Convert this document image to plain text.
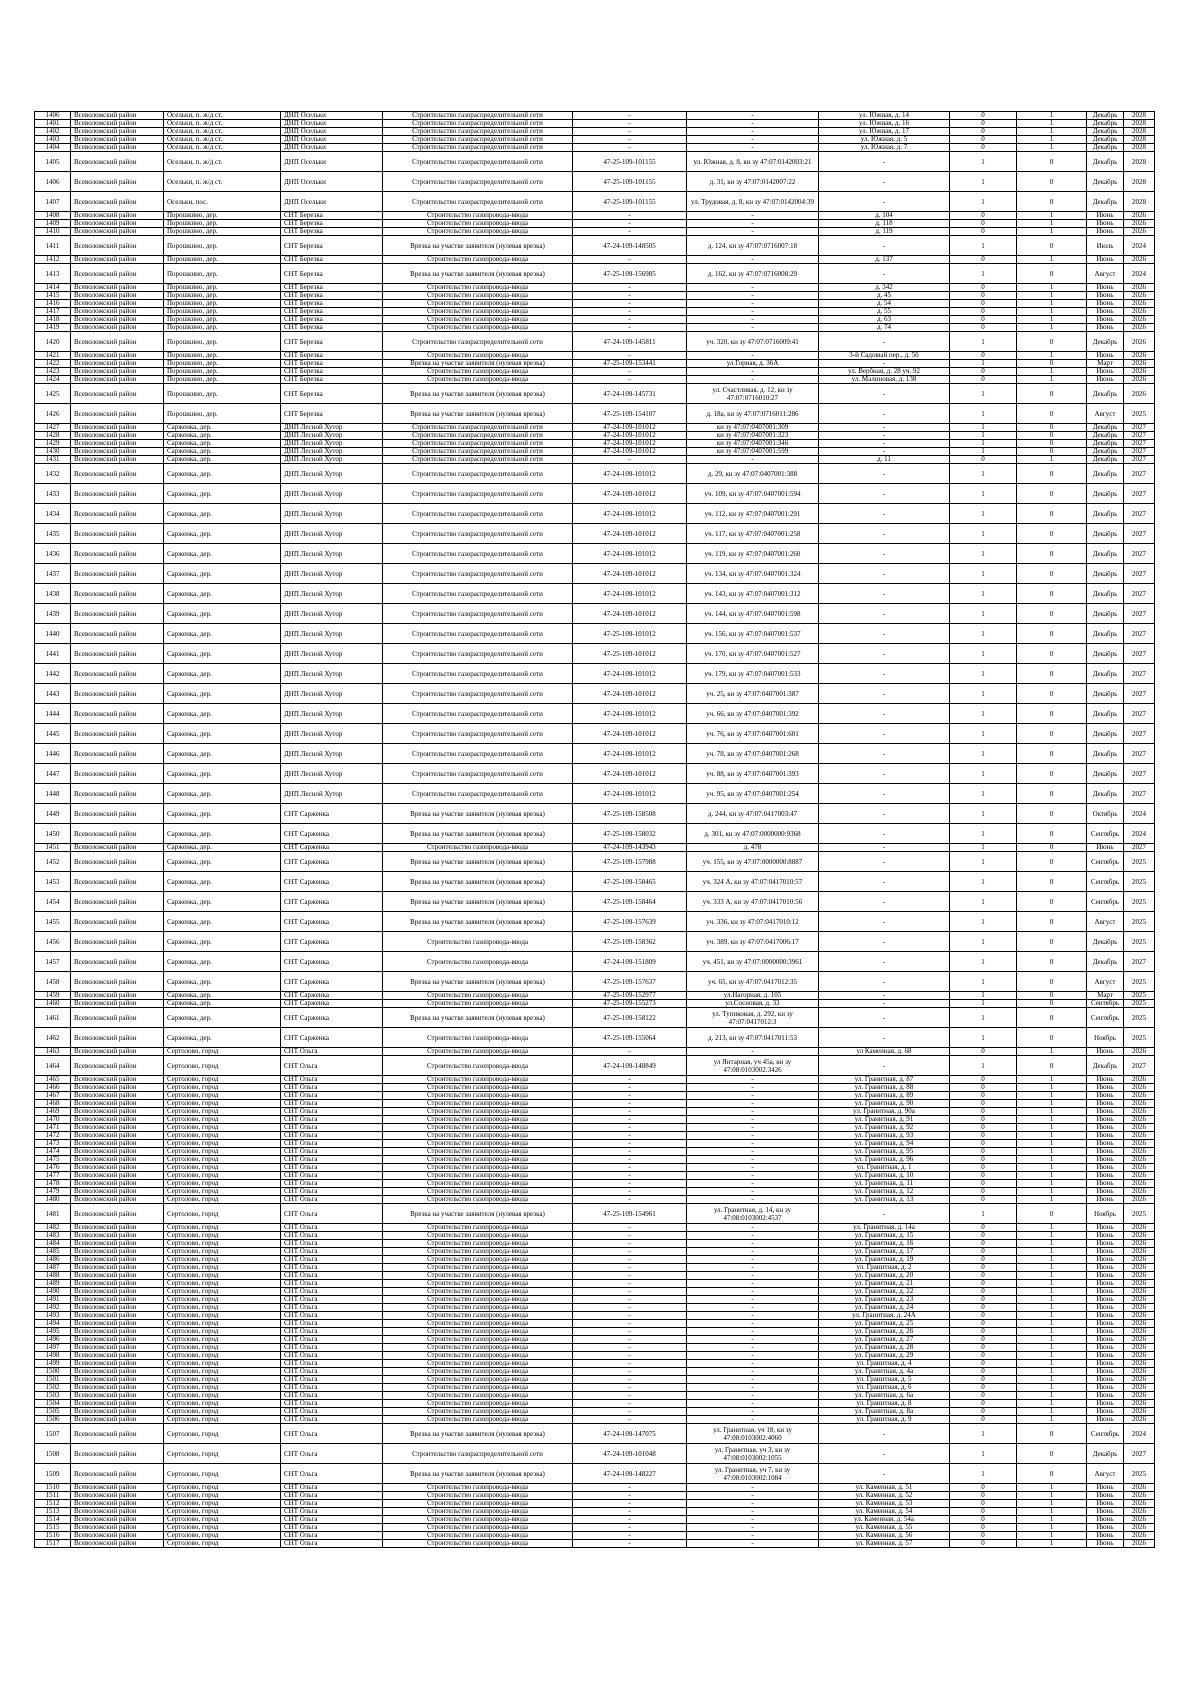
1406	Всеволожский район	Осельки, п. ж/д ст.	ДНП Осельки	Строительство газораспределительной сети	-	-	ул. Южная, д. 14	0	1	Декабрь	2028
1401	Всеволожский район	Осельки, п. ж/д ст.	ДНП Осельки	Строительство газораспределительной сети	-	-	ул. Южная, д. 16	0	1	Декабрь	2028
1402	Всеволожский район	Осельки, п. ж/д ст.	ДНП Осельки	Строительство газораспределительной сети	-	-	ул. Южная, д. 17	0	1	Декабрь	2028
1403	Всеволожский район	Осельки, п. ж/д ст.	ДНП Осельки	Строительство газораспределительной сети	-	-	ул. Южная, д. 5	0	1	Декабрь	2028
1404	Всеволожский район	Осельки, п. ж/д ст.	ДНП Осельки	Строительство газораспределительной сети	-	-	ул. Южная, д. 7	0	1	Декабрь	2028
1405	Всеволожский район	Осельки, п. ж/д ст.	ДНП Осельки	Строительство газораспределительной сети	47-25-109-101155	ул. Южная, д. 8, кн зу 47:07:0142003:21	-	1	0	Декабрь	2028
1406	Всеволожский район	Осельки, п. ж/д ст.	ДНП Осельки	Строительство газораспределительной сети	47-25-109-101155	д. 31, кн зу 47:07:0142007:22	-	1	0	Декабрь	2028
1407	Всеволожский район	Осельки, пос.	ДНП Осельки	Строительство газораспределительной сети	47-25-109-101155	ул. Трудовая, д. 8, кн зу 47:07:0142004:39	-	1	0	Декабрь	2028
1408	Всеволожский район	Порошкино, дер.	СНТ Березка	Строительство газопровода-ввода	-	-	д. 104	0	1	Июнь	2026
1409	Всеволожский район	Порошкино, дер.	СНТ Березка	Строительство газопровода-ввода	-	-	д. 118	0	1	Июнь	2026
1410	Всеволожский район	Порошкино, дер.	СНТ Березка	Строительство газопровода-ввода	-	-	д. 119	0	1	Июнь	2026
1411	Всеволожский район	Порошкино, дер.	СНТ Березка	Врезка на участке заявителя (нулевая врезка)	47-24-109-148505	д. 124, кн зу 47:07:0716007:18	-	1	0	Июль	2024
1412	Всеволожский район	Порошкино, дер.	СНТ Березка	Строительство газопровода-ввода	-	-	д. 137	0	1	Июнь	2026
1413	Всеволожский район	Порошкино, дер.	СНТ Березка	Врезка на участке заявителя (нулевая врезка)	47-25-109-156985	д. 162, кн зу 47:07:0716008:29	-	1	0	Август	2024
1414	Всеволожский район	Порошкино, дер.	СНТ Березка	Строительство газопровода-ввода	-	-	д. 342	0	1	Июнь	2026
1415	Всеволожский район	Порошкино, дер.	СНТ Березка	Строительство газопровода-ввода	-	-	д. 45	0	1	Июнь	2026
1416	Всеволожский район	Порошкино, дер.	СНТ Березка	Строительство газопровода-ввода	-	-	д. 54	0	1	Июнь	2026
1417	Всеволожский район	Порошкино, дер.	СНТ Березка	Строительство газопровода-ввода	-	-	д. 55	0	1	Июнь	2026
1418	Всеволожский район	Порошкино, дер.	СНТ Березка	Строительство газопровода-ввода	-	-	д. 63	0	1	Июнь	2026
1419	Всеволожский район	Порошкино, дер.	СНТ Березка	Строительство газопровода-ввода	-	-	д. 74	0	1	Июнь	2026
1420	Всеволожский район	Порошкино, дер.	СНТ Березка	Строительство газораспределительной сети	47-24-109-145811	уч. 320, кн зу 47:07:0716009:41	-	1	0	Декабрь	2026
1421	Всеволожский район	Порошкино, дер.	СНТ Березка	Строительство газопровода-ввода	-	-	3-й Садовый пер., д. 5б	0	1	Июнь	2026
1422	Всеволожский район	Порошкино, дер.	СНТ Березка	Врезка на участке заявителя (нулевая врезка)	47-25-109-153441	ул Горная, д. 36А	-	1	0	Март	2026
1423	Всеволожский район	Порошкино, дер.	СНТ Березка	Строительство газопровода-ввода	-	-	ул. Вербная, д. 28 уч. 92	0	1	Июнь	2026
1424	Всеволожский район	Порошкино, дер.	СНТ Березка	Строительство газопровода-ввода	-	-	ул. Малиновая, д. 138	0	1	Июнь	2026
1425	Всеволожский район	Порошкино, дер.	СНТ Березка	Врезка на участке заявителя (нулевая врезка)	47-24-109-145731	ул. Счастливая, д. 12, кн зу 47:07:0716010:27	-	1	0	Декабрь	2026
1426	Всеволожский район	Порошкино, дер.	СНТ Березка	Врезка на участке заявителя (нулевая врезка)	47-25-109-154107	д. 18а, кн зу 47:07:0716011:286	-	1	0	Август	2025
1427	Всеволожский район	Сарженка, дер.	ДНП Лесной Хутор	Строительство газораспределительной сети	47-24-109-101012	кн зу 47:07:0407001:309	-	1	0	Декабрь	2027
1428	Всеволожский район	Сарженка, дер.	ДНП Лесной Хутор	Строительство газораспределительной сети	47-24-109-101012	кн зу 47:07:0407001:323	-	1	0	Декабрь	2027
1429	Всеволожский район	Сарженка, дер.	ДНП Лесной Хутор	Строительство газораспределительной сети	47-24-109-101012	кн зу 47:07:0407001:346	-	1	0	Декабрь	2027
1430	Всеволожский район	Сарженка, дер.	ДНП Лесной Хутор	Строительство газораспределительной сети	47-24-109-101012	кн зу 47:07:0407001:599	-	1	0	Декабрь	2027
1431	Всеволожский район	Сарженка, дер.	ДНП Лесной Хутор	Строительство газораспределительной сети	-	-	д. 11	0	1	Декабрь	2027
1432	Всеволожский район	Сарженка, дер.	ДНП Лесной Хутор	Строительство газораспределительной сети	47-24-109-101012	д. 29, кн зу 47:07:0407001:388	-	1	0	Декабрь	2027
1433	Всеволожский район	Сарженка, дер.	ДНП Лесной Хутор	Строительство газораспределительной сети	47-24-109-101012	уч. 109, кн зу 47:07:0407001:594	-	1	0	Декабрь	2027
1434	Всеволожский район	Сарженка, дер.	ДНП Лесной Хутор	Строительство газораспределительной сети	47-24-109-101012	уч. 112, кн зу 47:07:0407001:291	-	1	0	Декабрь	2027
1435	Всеволожский район	Сарженка, дер.	ДНП Лесной Хутор	Строительство газораспределительной сети	47-24-109-101012	уч. 117, кн зу 47:07:0407001:258	-	1	0	Декабрь	2027
1436	Всеволожский район	Сарженка, дер.	ДНП Лесной Хутор	Строительство газораспределительной сети	47-24-109-101012	уч. 119, кн зу 47:07:0407001:260	-	1	0	Декабрь	2027
1437	Всеволожский район	Сарженка, дер.	ДНП Лесной Хутор	Строительство газораспределительной сети	47-24-109-101012	уч. 134, кн зу 47:07:0407001:324	-	1	0	Декабрь	2027
1438	Всеволожский район	Сарженка, дер.	ДНП Лесной Хутор	Строительство газораспределительной сети	47-24-109-101012	уч. 143, кн зу 47:07:0407001:312	-	1	0	Декабрь	2027
1439	Всеволожский район	Сарженка, дер.	ДНП Лесной Хутор	Строительство газораспределительной сети	47-24-109-101012	уч. 144, кн зу 47:07:0407001:598	-	1	0	Декабрь	2027
1440	Всеволожский район	Сарженка, дер.	ДНП Лесной Хутор	Строительство газораспределительной сети	47-25-109-101012	уч. 156, кн зу 47:07:0407001:537	-	1	0	Декабрь	2027
1441	Всеволожский район	Сарженка, дер.	ДНП Лесной Хутор	Строительство газораспределительной сети	47-25-109-101012	уч. 170, кн зу 47:07:0407001:527	-	1	0	Декабрь	2027
1442	Всеволожский район	Сарженка, дер.	ДНП Лесной Хутор	Строительство газораспределительной сети	47-24-109-101012	уч. 179, кн зу 47:07:0407001:533	-	1	0	Декабрь	2027
1443	Всеволожский район	Сарженка, дер.	ДНП Лесной Хутор	Строительство газораспределительной сети	47-24-109-101012	уч. 25, кн зу 47:07:0407001:387	-	1	0	Декабрь	2027
1444	Всеволожский район	Сарженка, дер.	ДНП Лесной Хутор	Строительство газораспределительной сети	47-24-109-101012	уч. 66, кн зу 47:07:0407001:392	-	1	0	Декабрь	2027
1445	Всеволожский район	Сарженка, дер.	ДНП Лесной Хутор	Строительство газораспределительной сети	47-24-109-101012	уч. 76, кн зу 47:07:0407001:601	-	1	0	Декабрь	2027
1446	Всеволожский район	Сарженка, дер.	ДНП Лесной Хутор	Строительство газораспределительной сети	47-24-109-101012	уч. 78, кн зу 47:07:0407001:268	-	1	0	Декабрь	2027
1447	Всеволожский район	Сарженка, дер.	ДНП Лесной Хутор	Строительство газораспределительной сети	47-24-109-101012	уч. 88, кн зу 47:07:0407001:393	-	1	0	Декабрь	2027
1448	Всеволожский район	Сарженка, дер.	ДНП Лесной Хутор	Строительство газораспределительной сети	47-24-109-101012	уч. 95, кн зу 47:07:0407001:254	-	1	0	Декабрь	2027
1449	Всеволожский район	Сарженка, дер.	СНТ Сарженка	Врезка на участке заявителя (нулевая врезка)	47-25-109-158508	д. 244, кн зу 47:07:0417003:47	-	1	0	Октябрь	2024
1450	Всеволожский район	Сарженка, дер.	СНТ Сарженка	Врезка на участке заявителя (нулевая врезка)	47-25-109-158032	д. 301, кн зу 47:07:0000000:9368	-	1	0	Сентябрь	2024
1451	Всеволожский район	Сарженка, дер.	СНТ Сарженка	Строительство газопровода-ввода	47-24-109-143943	д. 478	-	1	0	Июнь	2027
1452	Всеволожский район	Сарженка, дер.	СНТ Сарженка	Врезка на участке заявителя (нулевая врезка)	47-25-109-157988	уч. 155, кн зу 47:07:0000000:8887	-	1	0	Сентябрь	2025
1453	Всеволожский район	Сарженка, дер.	СНТ Сарженка	Врезка на участке заявителя (нулевая врезка)	47-25-109-158465	уч. 324 А, кн зу 47:07:0417010:57	-	1	0	Сентябрь	2025
1454	Всеволожский район	Сарженка, дер.	СНТ Сарженка	Врезка на участке заявителя (нулевая врезка)	47-25-109-158464	уч. 333 А, кн зу 47:07:0417010:56	-	1	0	Сентябрь	2025
1455	Всеволожский район	Сарженка, дер.	СНТ Сарженка	Врезка на участке заявителя (нулевая врезка)	47-25-109-157639	уч. 336, кн зу 47:07:0417010:12	-	1	0	Август	2025
1456	Всеволожский район	Сарженка, дер.	СНТ Сарженка	Строительство газопровода-ввода	47-25-109-158362	уч. 389, кн зу 47:07:0417006:17	-	1	0	Декабрь	2025
1457	Всеволожский район	Сарженка, дер.	СНТ Сарженка	Строительство газопровода-ввода	47-24-109-151809	уч. 451, кн зу 47:07:0000000:3961	-	1	0	Декабрь	2027
1458	Всеволожский район	Сарженка, дер.	СНТ Сарженка	Врезка на участке заявителя (нулевая врезка)	47-25-109-157637	уч. 65, кн зу 47:07:0417012:35	-	1	0	Август	2025
1459	Всеволожский район	Сарженка, дер.	СНТ Сарженка	Строительство газопровода-ввода	47-25-109-152977	ул.Нагорная, д. 105	-	1	0	Март	2025
1460	Всеволожский район	Сарженка, дер.	СНТ Сарженка	Строительство газопровода-ввода	47-25-109-155273	ул.Сосновая, д. 33	-	1	0	Сентябрь	2025
1461	Всеволожский район	Сарженка, дер.	СНТ Сарженка	Врезка на участке заявителя (нулевая врезка)	47-25-109-158122	ул. Тупиковая, д. 292, кн зу 47:07:0417012:3	-	1	0	Сентябрь	2025
1462	Всеволожский район	Сарженка, дер.	СНТ Сарженка	Строительство газопровода-ввода	47-25-109-155064	д. 213, кн зу 47:07:0417011:53	-	1	0	Ноябрь	2025
1463	Всеволожский район	Сертолово, город	СНТ Ольга	Строительство газопровода-ввода	-	-	ул Каменная, д. 68	0	1	Июнь	2026
1464	Всеволожский район	Сертолово, город	СНТ Ольга	Строительство газопровода-ввода	47-24-109-148849	ул Янтарная, уч 45а, кн зу 47:08:0103002:3426	-	1	0	Декабрь	2027
1465	Всеволожский район	Сертолово, город	СНТ Ольга	Строительство газопровода-ввода	-	-	ул. Гранитная, д. 87	0	1	Июнь	2026
1466	Всеволожский район	Сертолово, город	СНТ Ольга	Строительство газопровода-ввода	-	-	ул. Гранитная, д. 88	0	1	Июнь	2026
1467	Всеволожский район	Сертолово, город	СНТ Ольга	Строительство газопровода-ввода	-	-	ул. Гранитная, д. 89	0	1	Июнь	2026
1468	Всеволожский район	Сертолово, город	СНТ Ольга	Строительство газопровода-ввода	-	-	ул. Гранитная, д. 90	0	1	Июнь	2026
1469	Всеволожский район	Сертолово, город	СНТ Ольга	Строительство газопровода-ввода	-	-	ул. Гранитная, д. 90а	0	1	Июнь	2026
1470	Всеволожский район	Сертолово, город	СНТ Ольга	Строительство газопровода-ввода	-	-	ул. Гранитная, д. 91	0	1	Июнь	2026
1471	Всеволожский район	Сертолово, город	СНТ Ольга	Строительство газопровода-ввода	-	-	ул. Гранитная, д. 92	0	1	Июнь	2026
1472	Всеволожский район	Сертолово, город	СНТ Ольга	Строительство газопровода-ввода	-	-	ул. Гранитная, д. 93	0	1	Июнь	2026
1473	Всеволожский район	Сертолово, город	СНТ Ольга	Строительство газопровода-ввода	-	-	ул. Гранитная, д. 94	0	1	Июнь	2026
1474	Всеволожский район	Сертолово, город	СНТ Ольга	Строительство газопровода-ввода	-	-	ул. Гранитная, д. 95	0	1	Июнь	2026
1475	Всеволожский район	Сертолово, город	СНТ Ольга	Строительство газопровода-ввода	-	-	ул. Гранитная, д. 96	0	1	Июнь	2026
1476	Всеволожский район	Сертолово, город	СНТ Ольга	Строительство газопровода-ввода	-	-	ул. Гранитная, д. 1	0	1	Июнь	2026
1477	Всеволожский район	Сертолово, город	СНТ Ольга	Строительство газопровода-ввода	-	-	ул. Гранитная, д. 10	0	1	Июнь	2026
1478	Всеволожский район	Сертолово, город	СНТ Ольга	Строительство газопровода-ввода	-	-	ул. Гранитная, д. 11	0	1	Июнь	2026
1479	Всеволожский район	Сертолово, город	СНТ Ольга	Строительство газопровода-ввода	-	-	ул. Гранитная, д. 12	0	1	Июнь	2026
1480	Всеволожский район	Сертолово, город	СНТ Ольга	Строительство газопровода-ввода	-	-	ул. Гранитная, д. 13	0	1	Июнь	2026
1481	Всеволожский район	Сертолово, город	СНТ Ольга	Врезка на участке заявителя (нулевая врезка)	47-25-109-154961	ул. Гранитная, д. 14, кн зу 47:08:0103002:4537	-	1	0	Ноябрь	2025
1482	Всеволожский район	Сертолово, город	СНТ Ольга	Строительство газопровода-ввода	-	-	ул. Гранитная, д. 14а	0	1	Июнь	2026
1483	Всеволожский район	Сертолово, город	СНТ Ольга	Строительство газопровода-ввода	-	-	ул. Гранитная, д. 15	0	1	Июнь	2026
1484	Всеволожский район	Сертолово, город	СНТ Ольга	Строительство газопровода-ввода	-	-	ул. Гранитная, д. 16	0	1	Июнь	2026
1485	Всеволожский район	Сертолово, город	СНТ Ольга	Строительство газопровода-ввода	-	-	ул. Гранитная, д. 17	0	1	Июнь	2026
1486	Всеволожский район	Сертолово, город	СНТ Ольга	Строительство газопровода-ввода	-	-	ул. Гранитная, д. 19	0	1	Июнь	2026
1487	Всеволожский район	Сертолово, город	СНТ Ольга	Строительство газопровода-ввода	-	-	ул. Гранитная, д. 2	0	1	Июнь	2026
1488	Всеволожский район	Сертолово, город	СНТ Ольга	Строительство газопровода-ввода	-	-	ул. Гранитная, д. 20	0	1	Июнь	2026
1489	Всеволожский район	Сертолово, город	СНТ Ольга	Строительство газопровода-ввода	-	-	ул. Гранитная, д. 21	0	1	Июнь	2026
1490	Всеволожский район	Сертолово, город	СНТ Ольга	Строительство газопровода-ввода	-	-	ул. Гранитная, д. 22	0	1	Июнь	2026
1491	Всеволожский район	Сертолово, город	СНТ Ольга	Строительство газопровода-ввода	-	-	ул. Гранитная, д. 23	0	1	Июнь	2026
1492	Всеволожский район	Сертолово, город	СНТ Ольга	Строительство газопровода-ввода	-	-	ул. Гранитная, д. 24	0	1	Июнь	2026
1493	Всеволожский район	Сертолово, город	СНТ Ольга	Строительство газопровода-ввода	-	-	ул. Гранитная, д. 24А	0	1	Июнь	2026
1494	Всеволожский район	Сертолово, город	СНТ Ольга	Строительство газопровода-ввода	-	-	ул. Гранитная, д. 25	0	1	Июнь	2026
1495	Всеволожский район	Сертолово, город	СНТ Ольга	Строительство газопровода-ввода	-	-	ул. Гранитная, д. 26	0	1	Июнь	2026
1496	Всеволожский район	Сертолово, город	СНТ Ольга	Строительство газопровода-ввода	-	-	ул. Гранитная, д. 27	0	1	Июнь	2026
1497	Всеволожский район	Сертолово, город	СНТ Ольга	Строительство газопровода-ввода	-	-	ул. Гранитная, д. 28	0	1	Июнь	2026
1498	Всеволожский район	Сертолово, город	СНТ Ольга	Строительство газопровода-ввода	-	-	ул. Гранитная, д. 29	0	1	Июнь	2026
1499	Всеволожский район	Сертолово, город	СНТ Ольга	Строительство газопровода-ввода	-	-	ул. Гранитная, д. 4	0	1	Июнь	2026
1500	Всеволожский район	Сертолово, город	СНТ Ольга	Строительство газопровода-ввода	-	-	ул. Гранитная, д. 4а	0	1	Июнь	2026
1501	Всеволожский район	Сертолово, город	СНТ Ольга	Строительство газопровода-ввода	-	-	ул. Гранитная, д. 5	0	1	Июнь	2026
1502	Всеволожский район	Сертолово, город	СНТ Ольга	Строительство газопровода-ввода	-	-	ул. Гранитная, д. 6	0	1	Июнь	2026
1503	Всеволожский район	Сертолово, город	СНТ Ольга	Строительство газопровода-ввода	-	-	ул. Гранитная, д. 6а	0	1	Июнь	2026
1504	Всеволожский район	Сертолово, город	СНТ Ольга	Строительство газопровода-ввода	-	-	ул. Гранитная, д. 8	0	1	Июнь	2026
1505	Всеволожский район	Сертолово, город	СНТ Ольга	Строительство газопровода-ввода	-	-	ул. Гранитная, д. 8а	0	1	Июнь	2026
1506	Всеволожский район	Сертолово, город	СНТ Ольга	Строительство газопровода-ввода	-	-	ул. Гранитная, д. 9	0	1	Июнь	2026
1507	Всеволожский район	Сертолово, город	СНТ Ольга	Врезка на участке заявителя (нулевая врезка)	47-24-109-147075	ул. Гранитная, уч 18, кн зу 47:08:0103002:4060	-	1	0	Сентябрь	2024
1508	Всеволожский район	Сертолово, город	СНТ Ольга	Строительство газораспределительной сети	47-24-109-101048	ул. Гранитная, уч 3, кн зу 47:08:0103002:1055	-	1	0	Декабрь	2027
1509	Всеволожский район	Сертолово, город	СНТ Ольга	Врезка на участке заявителя (нулевая врезка)	47-24-109-148227	ул. Гранитная, уч 7, кн зу 47:08:0103002:1084	-	1	0	Август	2025
1510	Всеволожский район	Сертолово, город	СНТ Ольга	Строительство газопровода-ввода	-	-	ул. Каменная, д. 51	0	1	Июнь	2026
1511	Всеволожский район	Сертолово, город	СНТ Ольга	Строительство газопровода-ввода	-	-	ул. Каменная, д. 52	0	1	Июнь	2026
1512	Всеволожский район	Сертолово, город	СНТ Ольга	Строительство газопровода-ввода	-	-	ул. Каменная, д. 53	0	1	Июнь	2026
1513	Всеволожский район	Сертолово, город	СНТ Ольга	Строительство газопровода-ввода	-	-	ул. Каменная, д. 54	0	1	Июнь	2026
1514	Всеволожский район	Сертолово, город	СНТ Ольга	Строительство газопровода-ввода	-	-	ул. Каменная, д. 54а	0	1	Июнь	2026
1515	Всеволожский район	Сертолово, город	СНТ Ольга	Строительство газопровода-ввода	-	-	ул. Каменная, д. 55	0	1	Июнь	2026
1516	Всеволожский район	Сертолово, город	СНТ Ольга	Строительство газопровода-ввода	-	-	ул. Каменная, д. 56	0	1	Июнь	2026
1517	Всеволожский район	Сертолово, город	СНТ Ольга	Строительство газопровода-ввода	-	-	ул. Каменная, д. 57	0	1	Июнь	2026
